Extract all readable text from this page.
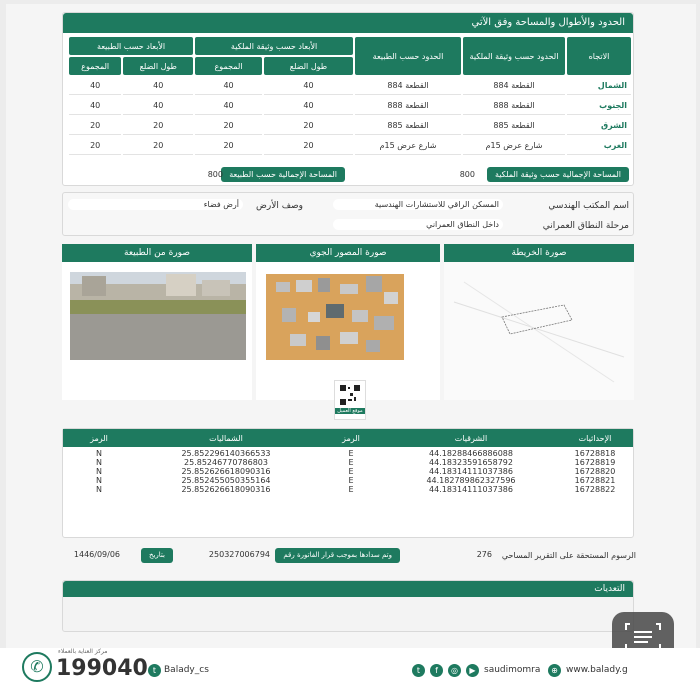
الحدود والأطوال والمساحة وفق الآتي
الاتجاه	الحدود حسب وثيقة الملكية	الحدود حسب الطبيعة	الأبعاد حسب وثيقة الملكية		الأبعاد حسب الطبيعة	
			طول الضلع	المجموع	طول الضلع	المجموع
الشمال	القطعة 884	القطعة 884	40	40	40	40
الجنوب	القطعة 888	القطعة 888	40	40	40	40
الشرق	القطعة 885	القطعة 885	20	20	20	20
الغرب	شارع عرض 15م	شارع عرض 15م	20	20	20	20
المساحة الإجمالية حسب وثيقة الملكية
800
المساحة الإجمالية حسب الطبيعة
800
اسم المكتب الهندسي
المسكن الراقي للاستشارات الهندسية
وصف الأرض
أرض فضاء
مرحلة النطاق العمراني
داخل النطاق العمراني
صورة الخريطة
صورة المصور الجوي
صورة من الطبيعة
موقع العميل
الإحداثيات	الشرقيات	الرمز	الشماليات	الرمز
16728818	44.18288466886088	E	25.852296140366533	N
16728819	44.18323591658792	E	25.85246770786803	N
16728820	44.18314111037386	E	25.852626618090316	N
16728821	44.182789862327596	E	25.852455050355164	N
16728822	44.18314111037386	E	25.852626618090316	N
الرسوم المستحقة على التقرير المساحي
276
وتم سدادها بموجب قرار الفاتورة رقم
250327006794
بتاريخ
1446/09/06
التعديات
✆
مركز العناية بالعملاء
199040 t Balady_cs	t	f	◎	▶ saudimomra	⊕ www.balady.g
